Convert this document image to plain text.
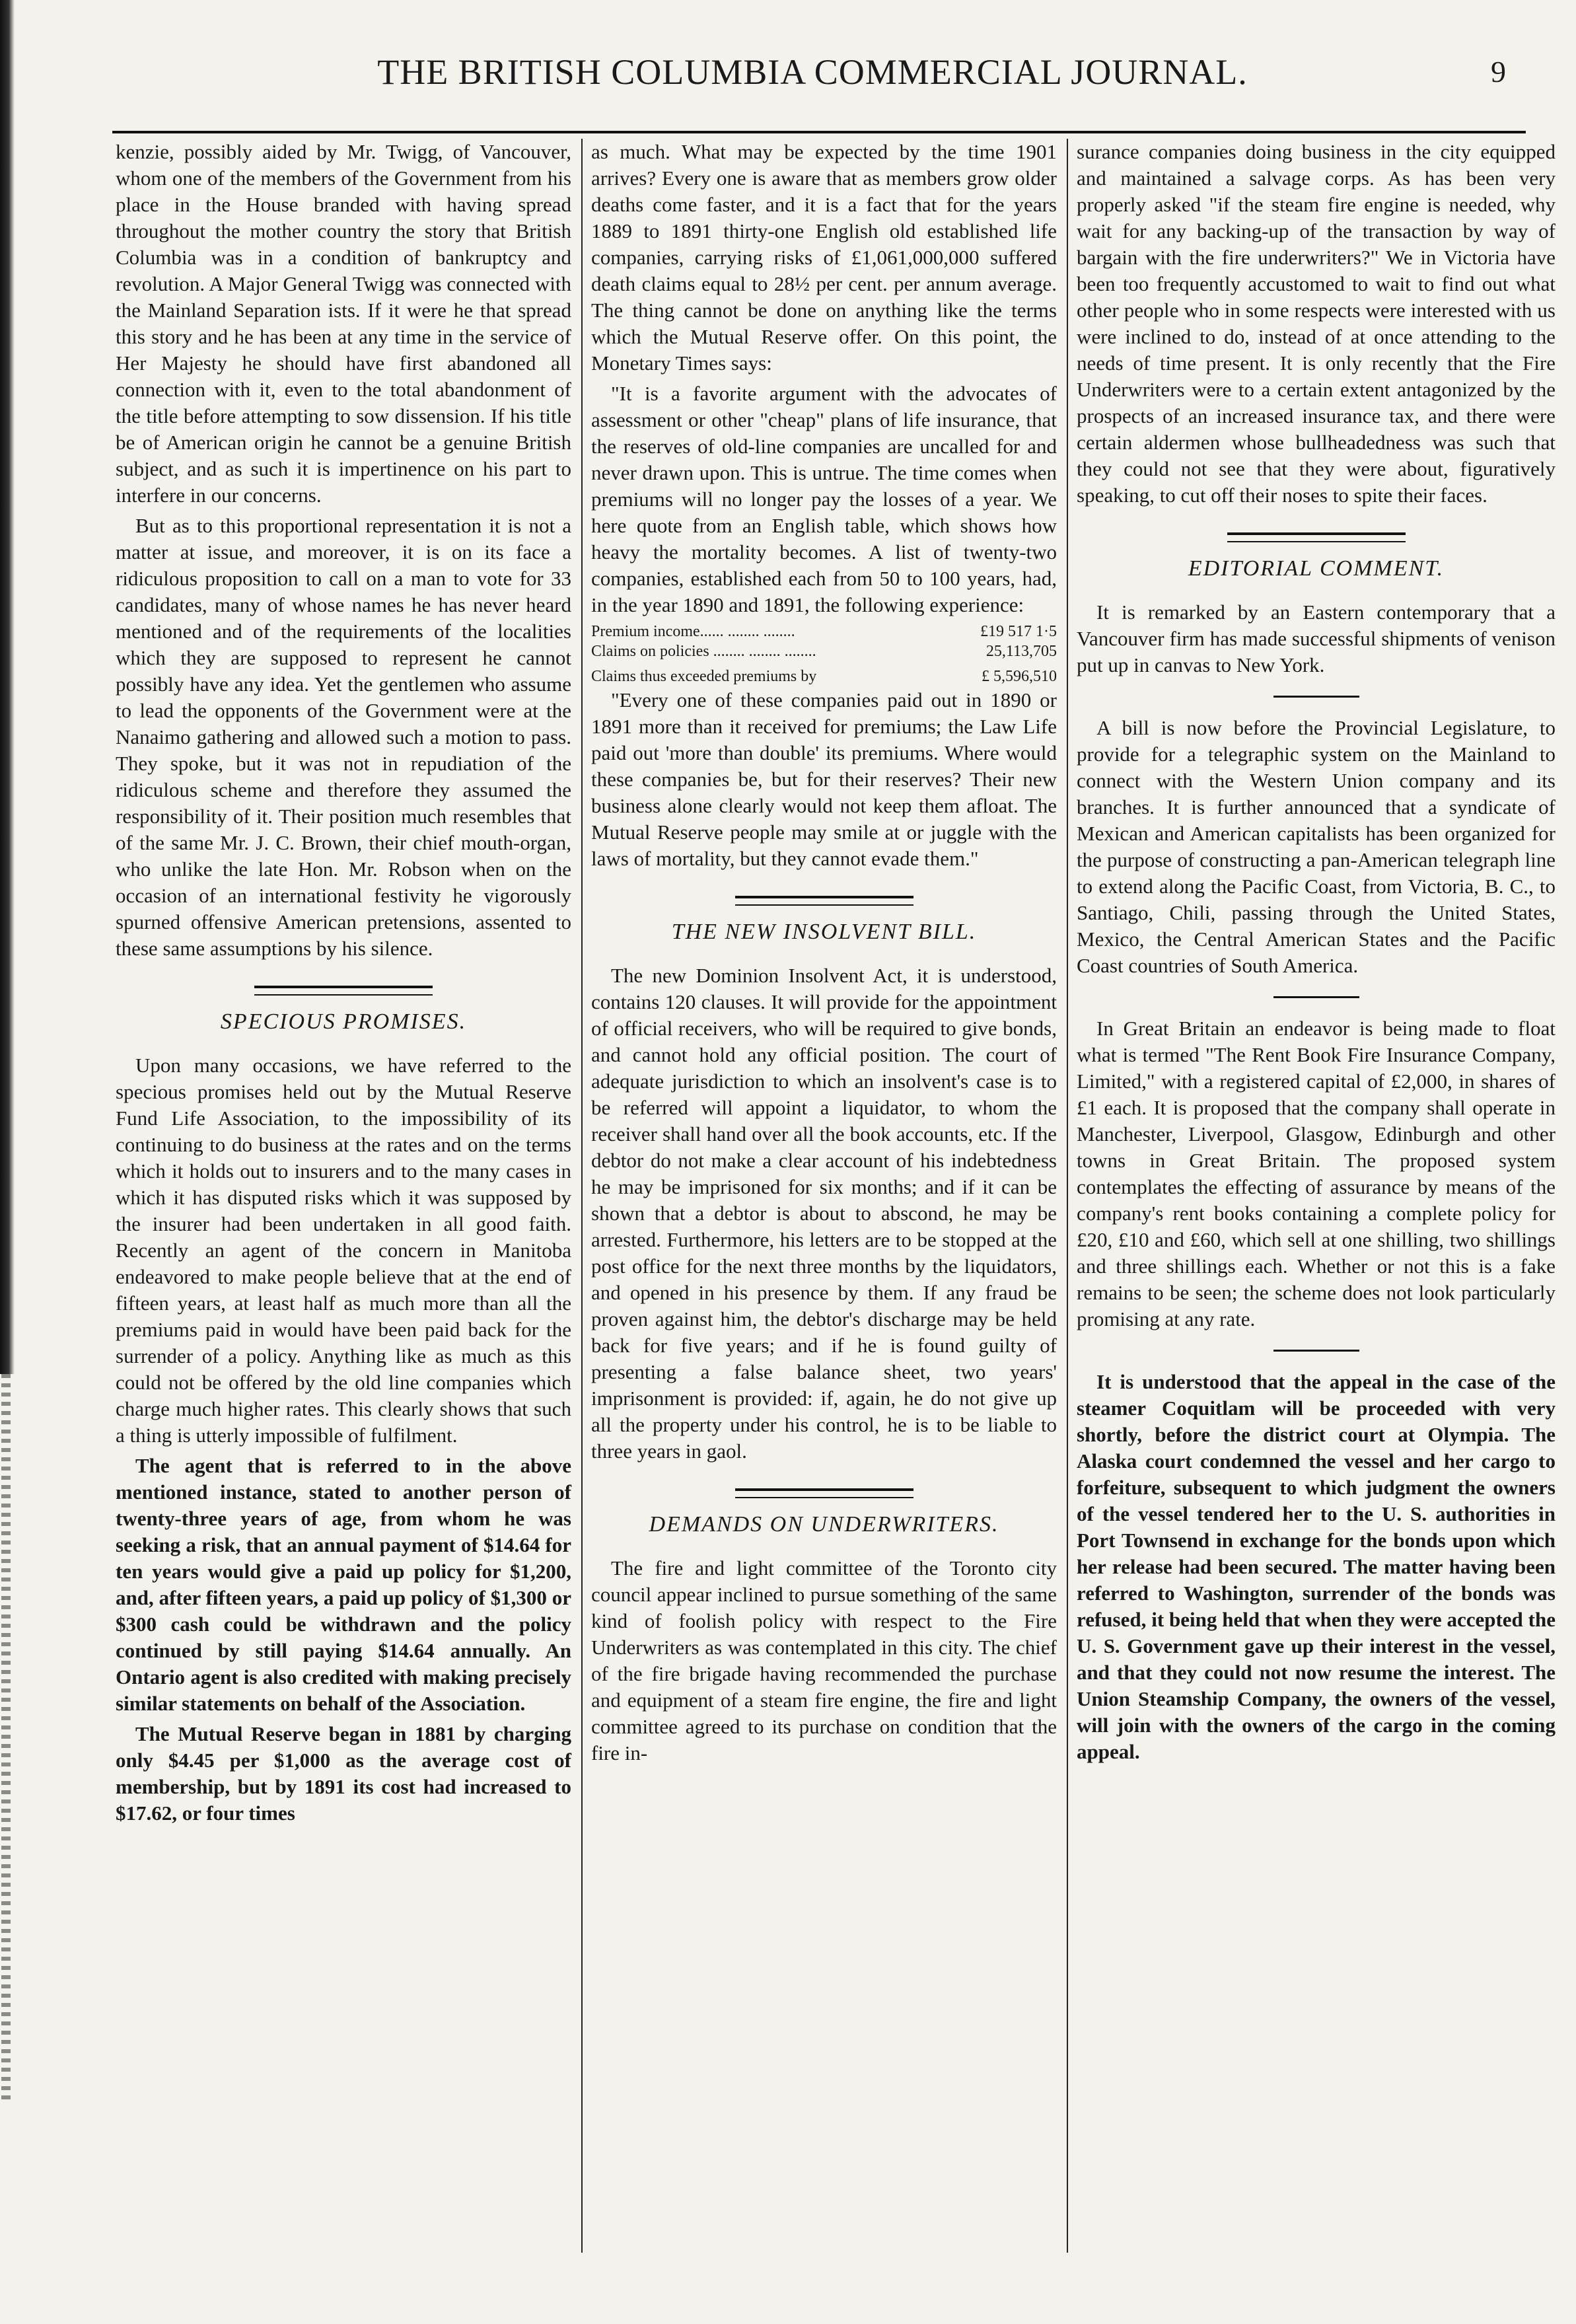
THE BRITISH COLUMBIA COMMERCIAL JOURNAL.	9

kenzie, possibly aided by Mr. Twigg, of Vancouver, whom one of the members of the Government from his place in the House branded with having spread throughout the mother country the story that British Columbia was in a condition of bankruptcy and revolution. A Major General Twigg was connected with the Mainland Separation ists. If it were he that spread this story and he has been at any time in the service of Her Majesty he should have first abandoned all connection with it, even to the total abandonment of the title before attempting to sow dissension. If his title be of American origin he cannot be a genuine British subject, and as such it is impertinence on his part to interfere in our concerns.

But as to this proportional representation it is not a matter at issue, and moreover, it is on its face a ridiculous proposition to call on a man to vote for 33 candidates, many of whose names he has never heard mentioned and of the requirements of the localities which they are supposed to represent he cannot possibly have any idea. Yet the gentlemen who assume to lead the opponents of the Government were at the Nanaimo gathering and allowed such a motion to pass. They spoke, but it was not in repudiation of the ridiculous scheme and therefore they assumed the responsibility of it. Their position much resembles that of the same Mr. J. C. Brown, their chief mouth-organ, who unlike the late Hon. Mr. Robson when on the occasion of an international festivity he vigorously spurned offensive American pretensions, assented to these same assumptions by his silence.

SPECIOUS PROMISES.

Upon many occasions, we have referred to the specious promises held out by the Mutual Reserve Fund Life Association, to the impossibility of its continuing to do business at the rates and on the terms which it holds out to insurers and to the many cases in which it has disputed risks which it was supposed by the insurer had been undertaken in all good faith. Recently an agent of the concern in Manitoba endeavored to make people believe that at the end of fifteen years, at least half as much more than all the premiums paid in would have been paid back for the surrender of a policy. Anything like as much as this could not be offered by the old line companies which charge much higher rates. This clearly shows that such a thing is utterly impossible of fulfilment.

The agent that is referred to in the above mentioned instance, stated to another person of twenty-three years of age, from whom he was seeking a risk, that an annual payment of $14.64 for ten years would give a paid up policy for $1,200, and, after fifteen years, a paid up policy of $1,300 or $300 cash could be withdrawn and the policy continued by still paying $14.64 annually. An Ontario agent is also credited with making precisely similar statements on behalf of the Association.

The Mutual Reserve began in 1881 by charging only $4.45 per $1,000 as the average cost of membership, but by 1891 its cost had increased to $17.62, or four times

as much. What may be expected by the time 1901 arrives? Every one is aware that as members grow older deaths come faster, and it is a fact that for the years 1889 to 1891 thirty-one English old established life companies, carrying risks of £1,061,000,000 suffered death claims equal to 28½ per cent. per annum average. The thing cannot be done on anything like the terms which the Mutual Reserve offer. On this point, the Monetary Times says:

"It is a favorite argument with the advocates of assessment or other "cheap" plans of life insurance, that the reserves of old-line companies are uncalled for and never drawn upon. This is untrue. The time comes when premiums will no longer pay the losses of a year. We here quote from an English table, which shows how heavy the mortality becomes. A list of twenty-two companies, established each from 50 to 100 years, had, in the year 1890 and 1891, the following experience:

Premium income...... ........ ........	£19 517 1·5
Claims on policies ........ ........ ........	25,113,705
Claims thus exceeded premiums by	£ 5,596,510

"Every one of these companies paid out in 1890 or 1891 more than it received for premiums; the Law Life paid out 'more than double' its premiums. Where would these companies be, but for their reserves? Their new business alone clearly would not keep them afloat. The Mutual Reserve people may smile at or juggle with the laws of mortality, but they cannot evade them."

THE NEW INSOLVENT BILL.

The new Dominion Insolvent Act, it is understood, contains 120 clauses. It will provide for the appointment of official receivers, who will be required to give bonds, and cannot hold any official position. The court of adequate jurisdiction to which an insolvent's case is to be referred will appoint a liquidator, to whom the receiver shall hand over all the book accounts, etc. If the debtor do not make a clear account of his indebtedness he may be imprisoned for six months; and if it can be shown that a debtor is about to abscond, he may be arrested. Furthermore, his letters are to be stopped at the post office for the next three months by the liquidators, and opened in his presence by them. If any fraud be proven against him, the debtor's discharge may be held back for five years; and if he is found guilty of presenting a false balance sheet, two years' imprisonment is provided: if, again, he do not give up all the property under his control, he is to be liable to three years in gaol.

DEMANDS ON UNDERWRITERS.

The fire and light committee of the Toronto city council appear inclined to pursue something of the same kind of foolish policy with respect to the Fire Underwriters as was contemplated in this city. The chief of the fire brigade having recommended the purchase and equipment of a steam fire engine, the fire and light committee agreed to its purchase on condition that the fire in-

surance companies doing business in the city equipped and maintained a salvage corps. As has been very properly asked "if the steam fire engine is needed, why wait for any backing-up of the transaction by way of bargain with the fire underwriters?" We in Victoria have been too frequently accustomed to wait to find out what other people who in some respects were interested with us were inclined to do, instead of at once attending to the needs of time present. It is only recently that the Fire Underwriters were to a certain extent antagonized by the prospects of an increased insurance tax, and there were certain aldermen whose bullheadedness was such that they could not see that they were about, figuratively speaking, to cut off their noses to spite their faces.

EDITORIAL COMMENT.

It is remarked by an Eastern contemporary that a Vancouver firm has made successful shipments of venison put up in canvas to New York.

A bill is now before the Provincial Legislature, to provide for a telegraphic system on the Mainland to connect with the Western Union company and its branches. It is further announced that a syndicate of Mexican and American capitalists has been organized for the purpose of constructing a pan-American telegraph line to extend along the Pacific Coast, from Victoria, B. C., to Santiago, Chili, passing through the United States, Mexico, the Central American States and the Pacific Coast countries of South America.

In Great Britain an endeavor is being made to float what is termed "The Rent Book Fire Insurance Company, Limited," with a registered capital of £2,000, in shares of £1 each. It is proposed that the company shall operate in Manchester, Liverpool, Glasgow, Edinburgh and other towns in Great Britain. The proposed system contemplates the effecting of assurance by means of the company's rent books containing a complete policy for £20, £10 and £60, which sell at one shilling, two shillings and three shillings each. Whether or not this is a fake remains to be seen; the scheme does not look particularly promising at any rate.

It is understood that the appeal in the case of the steamer Coquitlam will be proceeded with very shortly, before the district court at Olympia. The Alaska court condemned the vessel and her cargo to forfeiture, subsequent to which judgment the owners of the vessel tendered her to the U. S. authorities in Port Townsend in exchange for the bonds upon which her release had been secured. The matter having been referred to Washington, surrender of the bonds was refused, it being held that when they were accepted the U. S. Government gave up their interest in the vessel, and that they could not now resume the interest. The Union Steamship Company, the owners of the vessel, will join with the owners of the cargo in the coming appeal.
